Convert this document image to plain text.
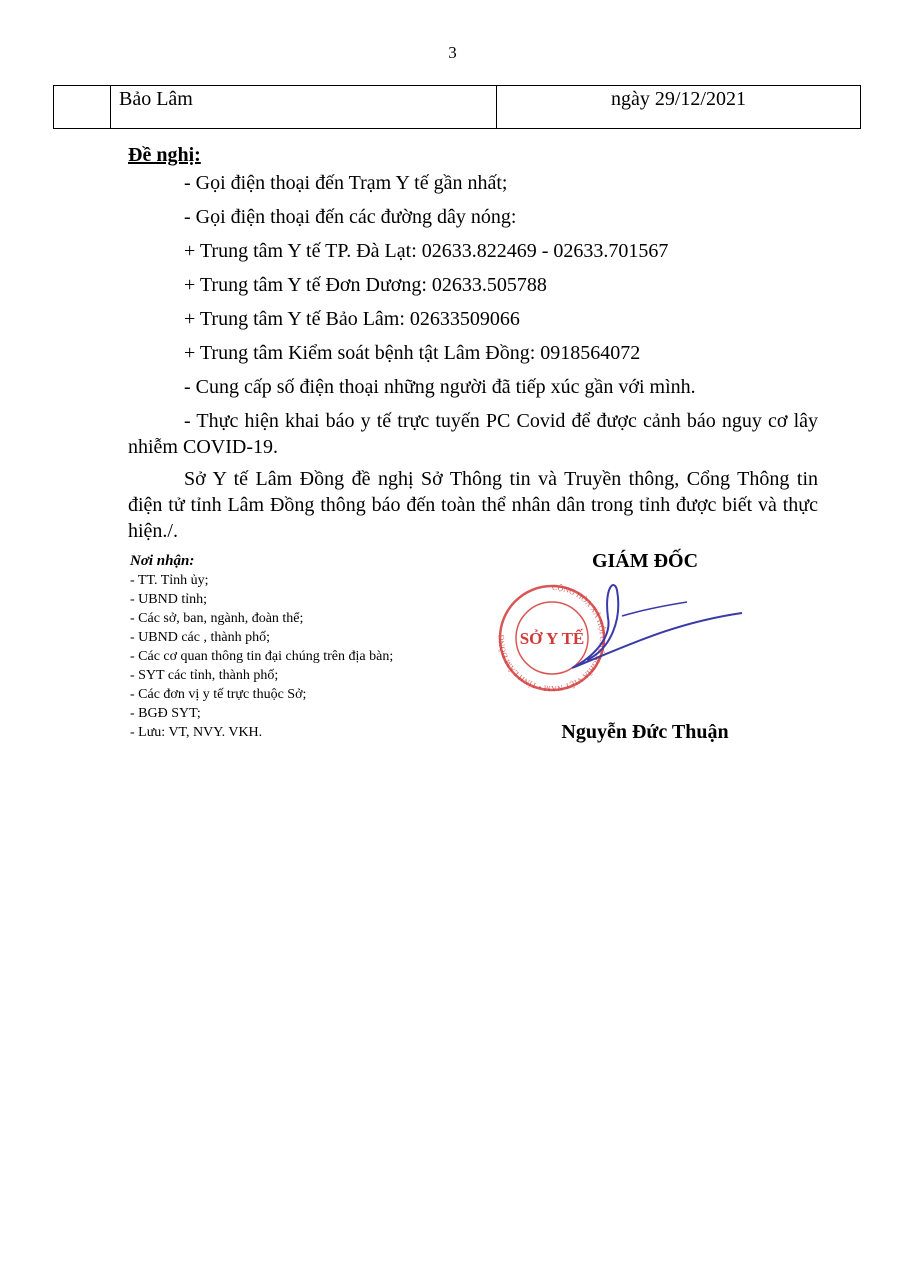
3
Bảo Lâm	ngày 29/12/2021
Đề nghị:
- Gọi điện thoại đến Trạm Y tế gần nhất;
- Gọi điện thoại đến các đường dây nóng:
+ Trung tâm Y tế TP. Đà Lạt: 02633.822469 - 02633.701567
+ Trung tâm Y tế Đơn Dương: 02633.505788
+ Trung tâm Y tế Bảo Lâm: 02633509066
+ Trung tâm Kiểm soát bệnh tật Lâm Đồng: 0918564072
- Cung cấp số điện thoại những người đã tiếp xúc gần với mình.
- Thực hiện khai báo y tế trực tuyến PC Covid để được cảnh báo nguy cơ lây nhiễm COVID-19.
Sở Y tế Lâm Đồng đề nghị Sở Thông tin và Truyền thông, Cổng Thông tin điện tử tỉnh Lâm Đồng thông báo đến toàn thể nhân dân trong tỉnh được biết và thực hiện./.
Nơi nhận:
- TT. Tỉnh ủy;
- UBND tỉnh;
- Các sở, ban, ngành, đoàn thể;
- UBND các , thành phố;
- Các cơ quan thông tin đại chúng trên địa bàn;
- SYT các tỉnh, thành phố;
- Các đơn vị y tế trực thuộc Sở;
- BGĐ SYT;
- Lưu: VT, NVY. VKH.
GIÁM ĐỐC
CỘNG HÒA XÃ HỘI CHỦ NGHĨA VIỆT NAM • TỈNH LÂM ĐỒNG SỞ Y TẾ
Nguyễn Đức Thuận
